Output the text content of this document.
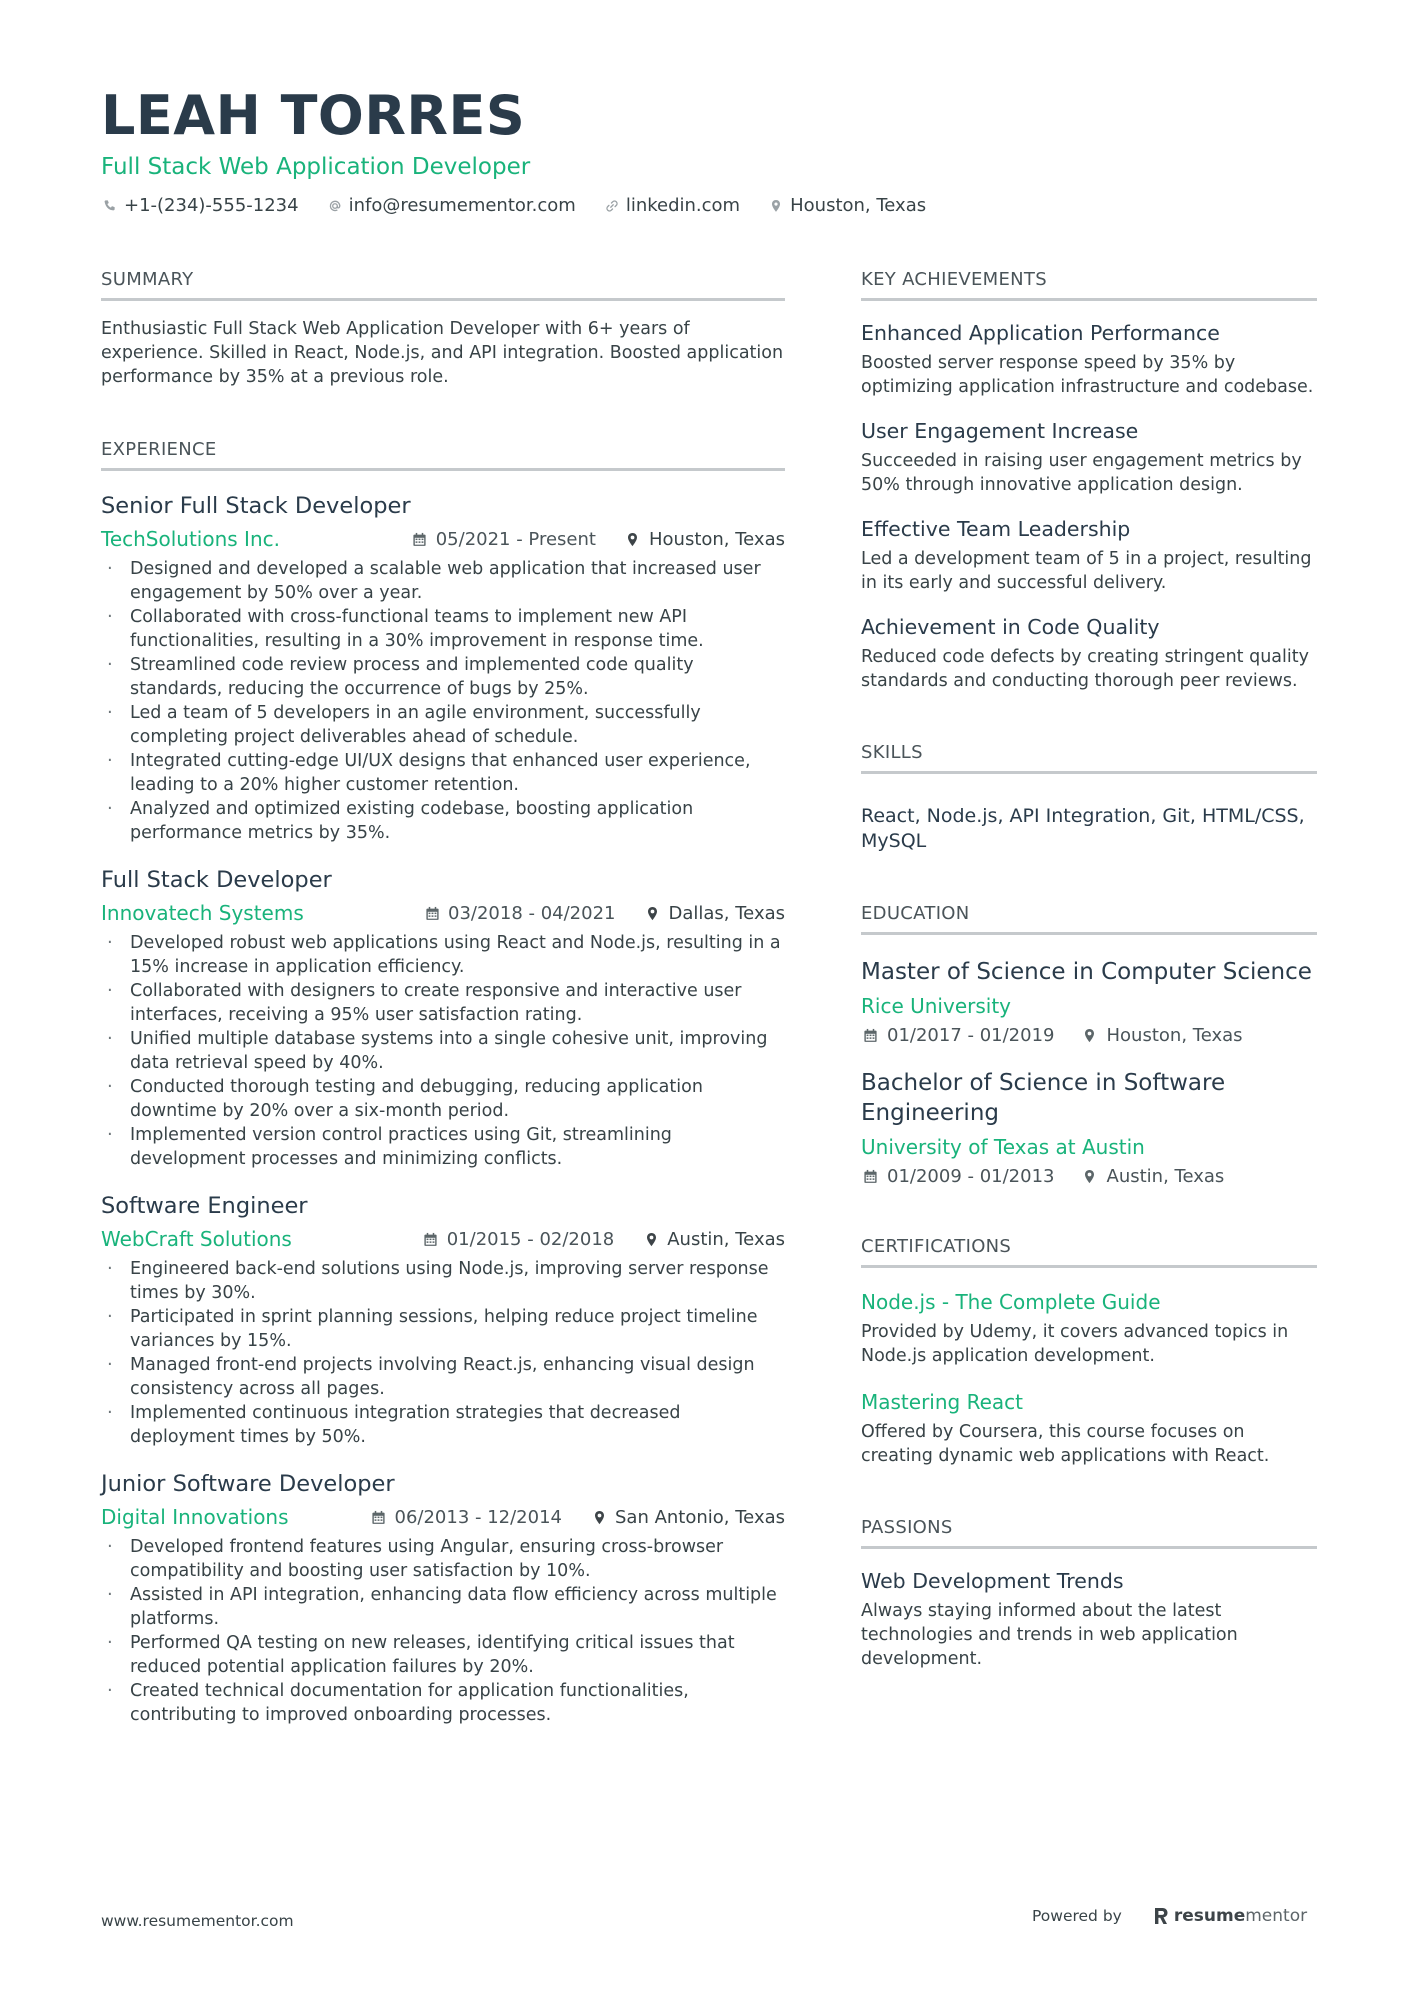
LEAH TORRES
Full Stack Web Application Developer
+1-(234)-555-1234	info@resumementor.com	linkedin.com	Houston, Texas
SUMMARY
Enthusiastic Full Stack Web Application Developer with 6+ years of experience. Skilled in React, Node.js, and API integration. Boosted application performance by 35% at a previous role.
EXPERIENCE
Senior Full Stack Developer
TechSolutions Inc.	05/2021 - Present	Houston, Texas
· Designed and developed a scalable web application that increased user engagement by 50% over a year.
· Collaborated with cross-functional teams to implement new API functionalities, resulting in a 30% improvement in response time.
· Streamlined code review process and implemented code quality standards, reducing the occurrence of bugs by 25%.
· Led a team of 5 developers in an agile environment, successfully completing project deliverables ahead of schedule.
· Integrated cutting-edge UI/UX designs that enhanced user experience, leading to a 20% higher customer retention.
· Analyzed and optimized existing codebase, boosting application performance metrics by 35%.
Full Stack Developer
Innovatech Systems	03/2018 - 04/2021	Dallas, Texas
· Developed robust web applications using React and Node.js, resulting in a 15% increase in application efficiency.
· Collaborated with designers to create responsive and interactive user interfaces, receiving a 95% user satisfaction rating.
· Unified multiple database systems into a single cohesive unit, improving data retrieval speed by 40%.
· Conducted thorough testing and debugging, reducing application downtime by 20% over a six-month period.
· Implemented version control practices using Git, streamlining development processes and minimizing conflicts.
Software Engineer
WebCraft Solutions	01/2015 - 02/2018	Austin, Texas
· Engineered back-end solutions using Node.js, improving server response times by 30%.
· Participated in sprint planning sessions, helping reduce project timeline variances by 15%.
· Managed front-end projects involving React.js, enhancing visual design consistency across all pages.
· Implemented continuous integration strategies that decreased deployment times by 50%.
Junior Software Developer
Digital Innovations	06/2013 - 12/2014	San Antonio, Texas
· Developed frontend features using Angular, ensuring cross-browser compatibility and boosting user satisfaction by 10%.
· Assisted in API integration, enhancing data flow efficiency across multiple platforms.
· Performed QA testing on new releases, identifying critical issues that reduced potential application failures by 20%.
· Created technical documentation for application functionalities, contributing to improved onboarding processes.
KEY ACHIEVEMENTS
Enhanced Application Performance
Boosted server response speed by 35% by optimizing application infrastructure and codebase.
User Engagement Increase
Succeeded in raising user engagement metrics by 50% through innovative application design.
Effective Team Leadership
Led a development team of 5 in a project, resulting in its early and successful delivery.
Achievement in Code Quality
Reduced code defects by creating stringent quality standards and conducting thorough peer reviews.
SKILLS
React, Node.js, API Integration, Git, HTML/CSS, MySQL
EDUCATION
Master of Science in Computer Science
Rice University
01/2017 - 01/2019	Houston, Texas
Bachelor of Science in Software Engineering
University of Texas at Austin
01/2009 - 01/2013	Austin, Texas
CERTIFICATIONS
Node.js - The Complete Guide
Provided by Udemy, it covers advanced topics in Node.js application development.
Mastering React
Offered by Coursera, this course focuses on creating dynamic web applications with React.
PASSIONS
Web Development Trends
Always staying informed about the latest technologies and trends in web application development.
www.resumementor.com	Powered by	resume mentor
